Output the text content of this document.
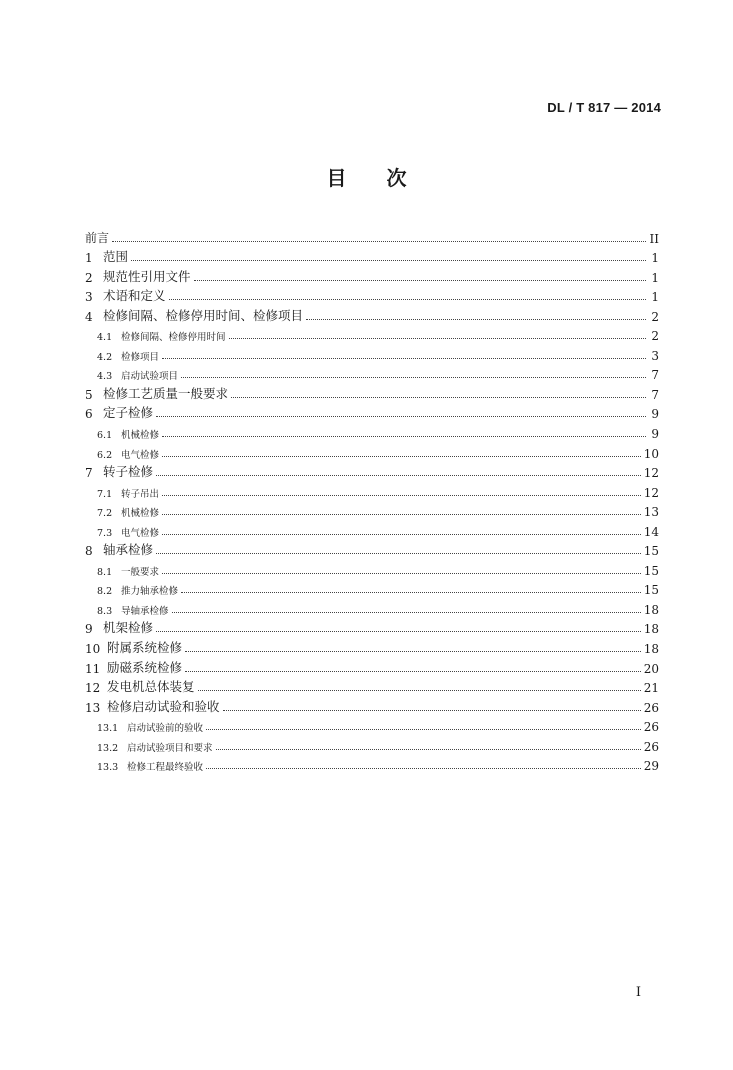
DL / T 817 — 2014
目 次
前言	II
1 范围	1
2 规范性引用文件	1
3 术语和定义	1
4 检修间隔、检修停用时间、检修项目	2
4.1 检修间隔、检修停用时间	2
4.2 检修项目	3
4.3 启动试验项目	7
5 检修工艺质量一般要求	7
6 定子检修	9
6.1 机械检修	9
6.2 电气检修	10
7 转子检修	12
7.1 转子吊出	12
7.2 机械检修	13
7.3 电气检修	14
8 轴承检修	15
8.1 一般要求	15
8.2 推力轴承检修	15
8.3 导轴承检修	18
9 机架检修	18
10 附属系统检修	18
11 励磁系统检修	20
12 发电机总体装复	21
13 检修启动试验和验收	26
13.1 启动试验前的验收	26
13.2 启动试验项目和要求	26
13.3 检修工程最终验收	29
I
